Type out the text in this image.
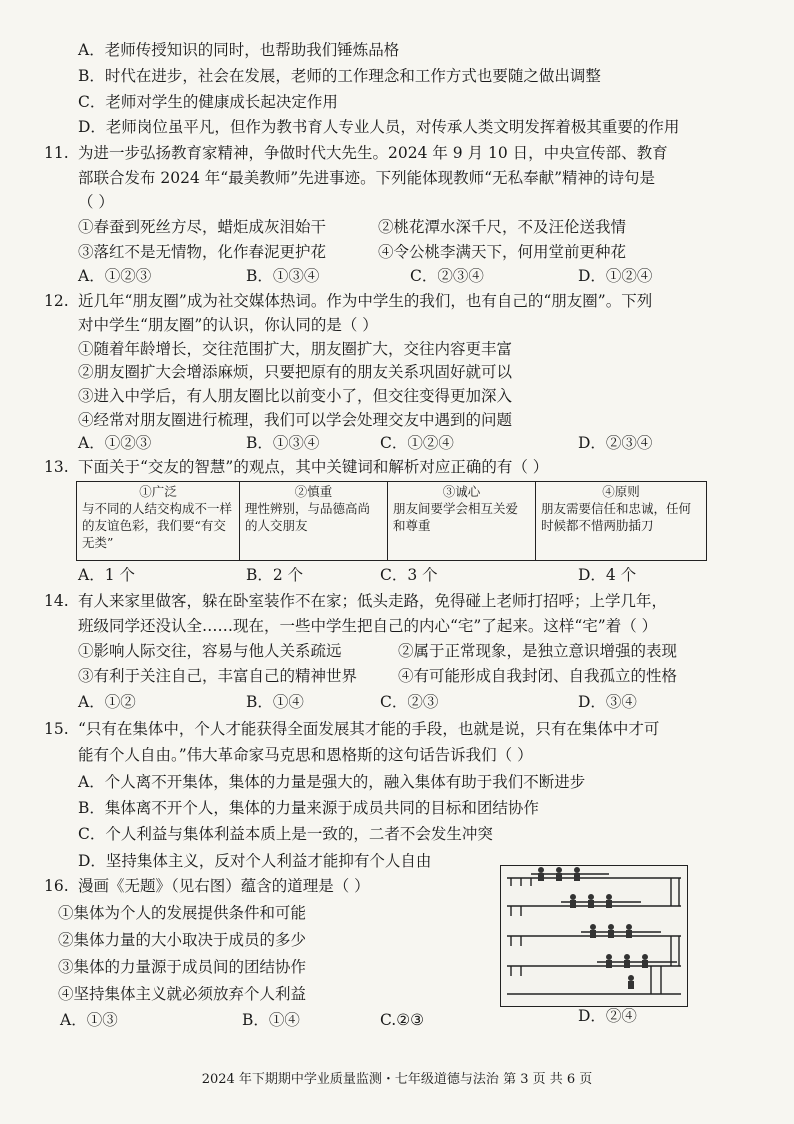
A．老师传授知识的同时，也帮助我们锤炼品格
B．时代在进步，社会在发展，老师的工作理念和工作方式也要随之做出调整
C．老师对学生的健康成长起决定作用
D．老师岗位虽平凡，但作为教书育人专业人员，对传承人类文明发挥着极其重要的作用
11. 为进一步弘扬教育家精神，争做时代大先生。2024 年 9 月 10 日，中央宣传部、教育
部联合发布 2024 年“最美教师”先进事迹。下列能体现教师“无私奉献”精神的诗句是
（ ）
①春蚕到死丝方尽，蜡炬成灰泪始干	②桃花潭水深千尺，不及汪伦送我情
③落红不是无情物，化作春泥更护花	④令公桃李满天下，何用堂前更种花
A．①②③	B．①③④	C．②③④	D．①②④
12. 近几年“朋友圈”成为社交媒体热词。作为中学生的我们，也有自己的“朋友圈”。下列
对中学生“朋友圈”的认识，你认同的是（ ）
①随着年龄增长，交往范围扩大，朋友圈扩大，交往内容更丰富
②朋友圈扩大会增添麻烦，只要把原有的朋友关系巩固好就可以
③进入中学后，有人朋友圈比以前变小了，但交往变得更加深入
④经常对朋友圈进行梳理，我们可以学会处理交友中遇到的问题
A．①②③	B．①③④	C．①②④	D．②③④
13. 下面关于“交友的智慧”的观点，其中关键词和解析对应正确的有（ ）
①广泛
与不同的人结交构成不一样的友谊色彩，我们要“有交无类”	
②慎重
理性辨别，与品德高尚的人交朋友	
③诚心
朋友间要学会相互关爱和尊重	
④原则
朋友需要信任和忠诚，任何时候都不惜两肋插刀
A．1 个	B．2 个	C．3 个	D．4 个
14. 有人来家里做客，躲在卧室装作不在家；低头走路，免得碰上老师打招呼；上学几年，
班级同学还没认全……现在，一些中学生把自己的内心“宅”了起来。这样“宅”着（ ）
①影响人际交往，容易与他人关系疏远	②属于正常现象，是独立意识增强的表现
③有利于关注自己，丰富自己的精神世界	④有可能形成自我封闭、自我孤立的性格
A．①②	B．①④	C．②③	D．③④
15. “只有在集体中，个人才能获得全面发展其才能的手段，也就是说，只有在集体中才可
能有个人自由。”伟大革命家马克思和恩格斯的这句话告诉我们（ ）
A．个人离不开集体，集体的力量是强大的，融入集体有助于我们不断进步
B．集体离不开个人，集体的力量来源于成员共同的目标和团结协作
C．个人利益与集体利益本质上是一致的，二者不会发生冲突
D．坚持集体主义，反对个人利益才能抑有个人自由
16. 漫画《无题》（见右图）蕴含的道理是（ ）
①集体为个人的发展提供条件和可能
②集体力量的大小取决于成员的多少
③集体的力量源于成员间的团结协作
④坚持集体主义就必须放弃个人利益
A．①③	B．①④	C.②③	D．②④
2024 年下期期中学业质量监测・七年级道德与法治 第 3 页 共 6 页
